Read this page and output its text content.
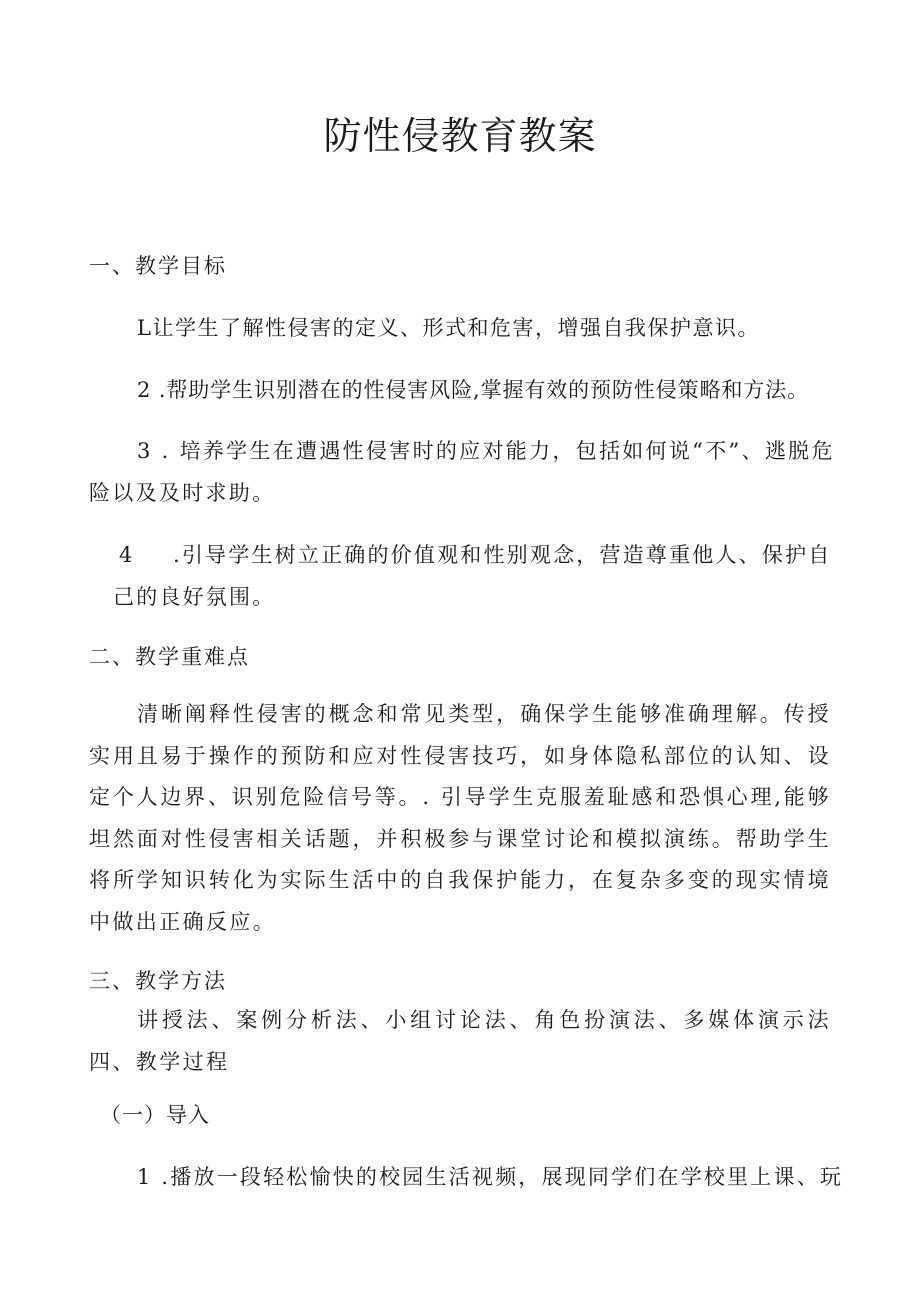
防性侵教育教案

一、教学目标

L让学生了解性侵害的定义、形式和危害，增强自我保护意识。

2 .帮助学生识别潜在的性侵害风险,掌握有效的预防性侵策略和方法。

3 . 培养学生在遭遇性侵害时的应对能力，包括如何说“不”、逃脱危

险以及及时求助。

4 .引导学生树立正确的价值观和性别观念，营造尊重他人、保护自

己的良好氛围。

二、教学重难点

清晰阐释性侵害的概念和常见类型，确保学生能够准确理解。传授实用且易于操作的预防和应对性侵害技巧，如身体隐私部位的认知、设定个人边界、识别危险信号等。. 引导学生克服羞耻感和恐惧心理,能够坦然面对性侵害相关话题，并积极参与课堂讨论和模拟演练。帮助学生将所学知识转化为实际生活中的自我保护能力，在复杂多变的现实情境中做出正确反应。

三、教学方法

讲授法、案例分析法、小组讨论法、角色扮演法、多媒体演示法四、教学过程

（一）导入

1 .播放一段轻松愉快的校园生活视频，展现同学们在学校里上课、玩
